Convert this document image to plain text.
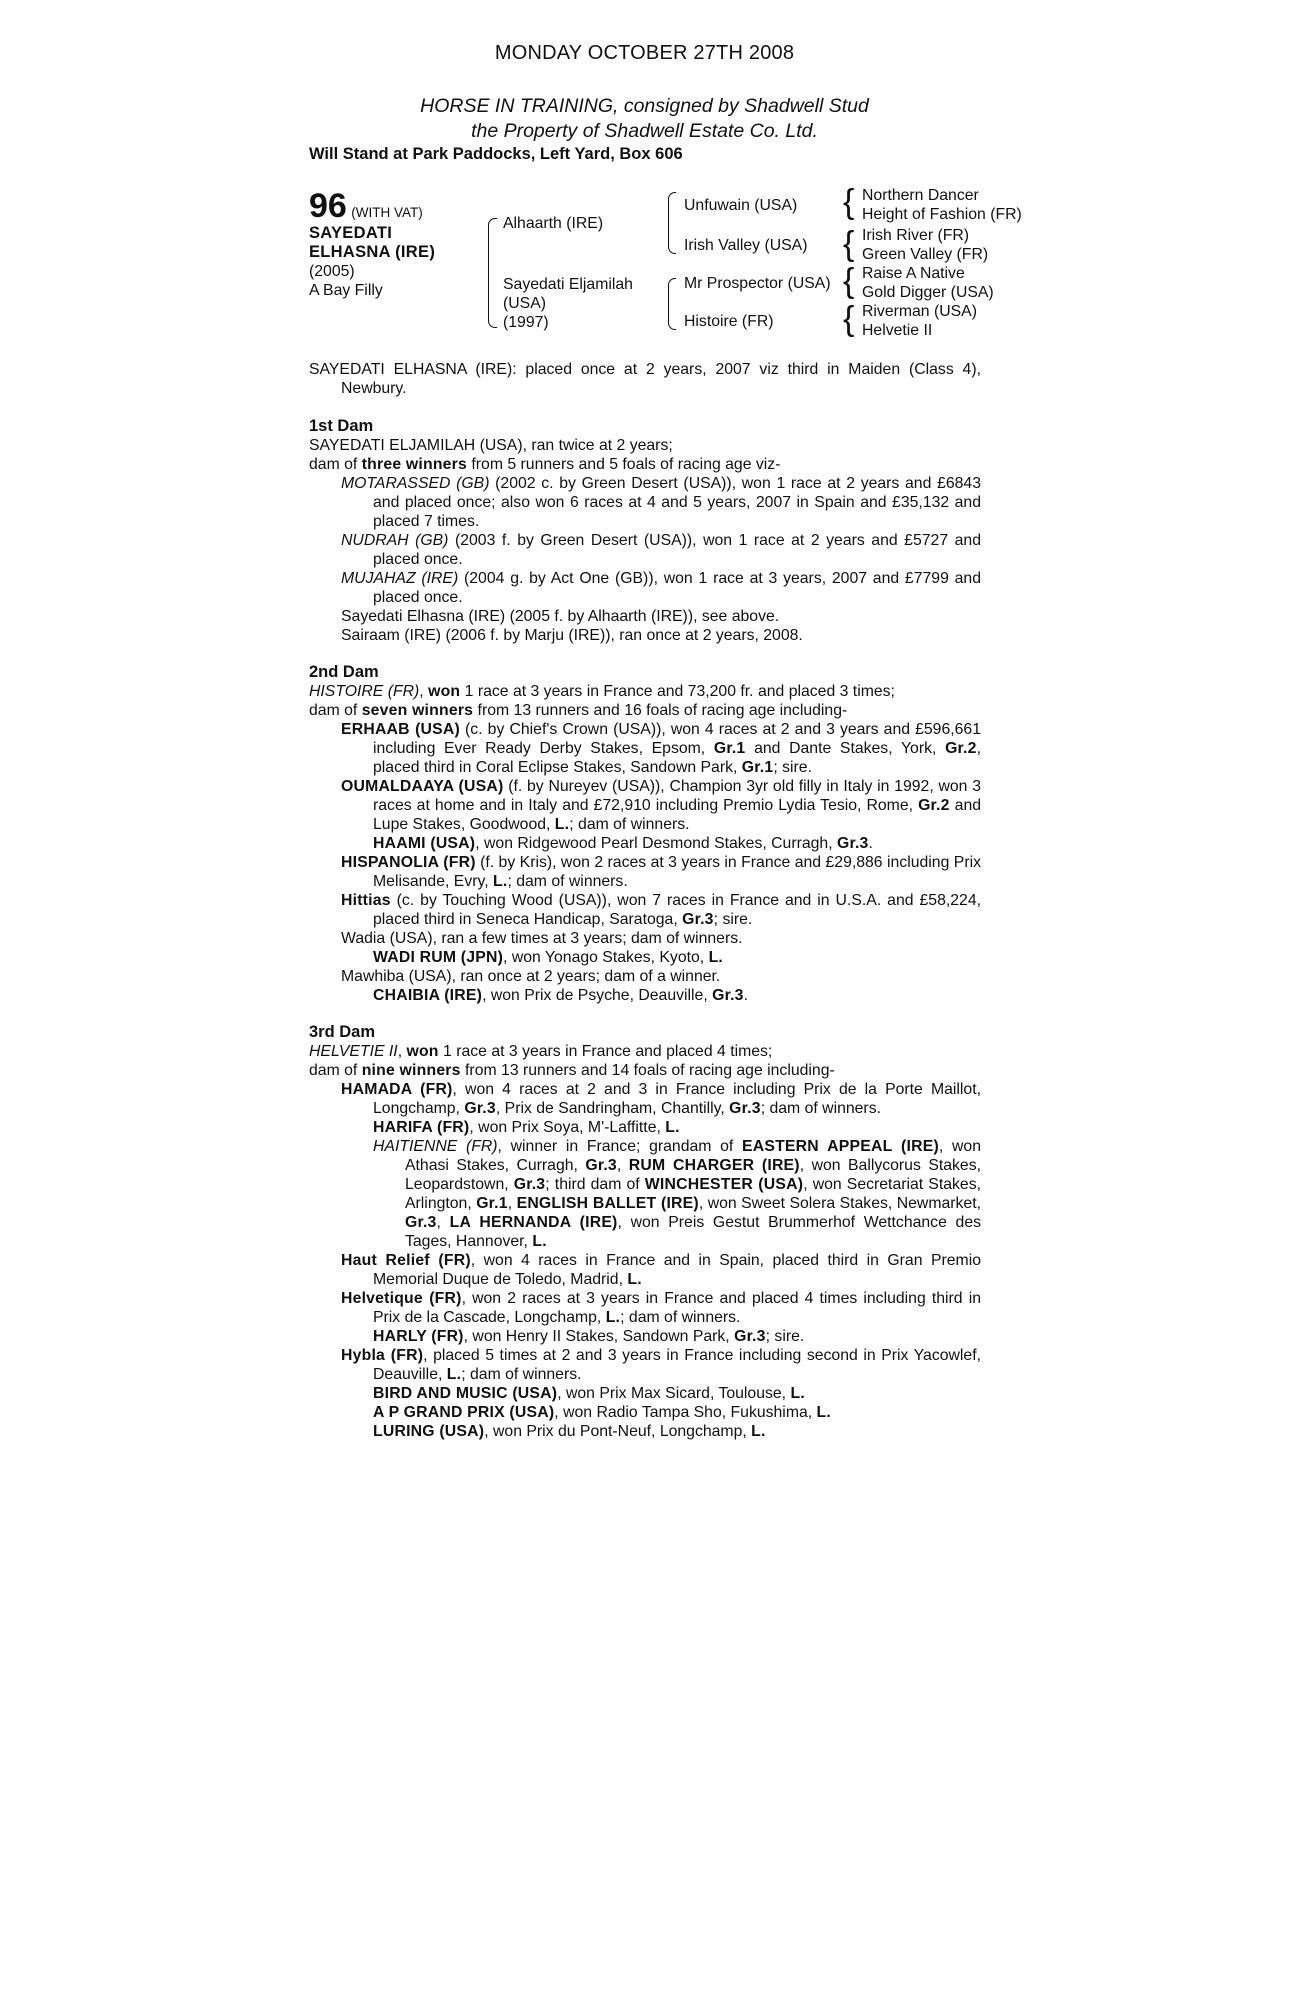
MONDAY OCTOBER 27TH 2008
HORSE IN TRAINING, consigned by Shadwell Stud
the Property of Shadwell Estate Co. Ltd.
Will Stand at Park Paddocks, Left Yard, Box 606
96 (WITH VAT)
SAYEDATI
ELHASNA (IRE)
(2005)
A Bay Filly
Alhaarth (IRE)
Sayedati Eljamilah
(USA)
(1997)
Unfuwain (USA)
Irish Valley (USA)
Mr Prospector (USA)
Histoire (FR)
{
{
{
{
Northern Dancer
Height of Fashion (FR)
Irish River (FR)
Green Valley (FR)
Raise A Native
Gold Digger (USA)
Riverman (USA)
Helvetie II

SAYEDATI ELHASNA (IRE): placed once at 2 years, 2007 viz third in Maiden (Class 4), Newbury.

1st Dam

SAYEDATI ELJAMILAH (USA), ran twice at 2 years;

dam of three winners from 5 runners and 5 foals of racing age viz-

MOTARASSED (GB) (2002 c. by Green Desert (USA)), won 1 race at 2 years and £6843 and placed once; also won 6 races at 4 and 5 years, 2007 in Spain and £35,132 and placed 7 times.

NUDRAH (GB) (2003 f. by Green Desert (USA)), won 1 race at 2 years and £5727 and placed once.

MUJAHAZ (IRE) (2004 g. by Act One (GB)), won 1 race at 3 years, 2007 and £7799 and placed once.

Sayedati Elhasna (IRE) (2005 f. by Alhaarth (IRE)), see above.

Sairaam (IRE) (2006 f. by Marju (IRE)), ran once at 2 years, 2008.

2nd Dam

HISTOIRE (FR), won 1 race at 3 years in France and 73,200 fr. and placed 3 times;

dam of seven winners from 13 runners and 16 foals of racing age including-

ERHAAB (USA) (c. by Chief's Crown (USA)), won 4 races at 2 and 3 years and £596,661 including Ever Ready Derby Stakes, Epsom, Gr.1 and Dante Stakes, York, Gr.2, placed third in Coral Eclipse Stakes, Sandown Park, Gr.1; sire.

OUMALDAAYA (USA) (f. by Nureyev (USA)), Champion 3yr old filly in Italy in 1992, won 3 races at home and in Italy and £72,910 including Premio Lydia Tesio, Rome, Gr.2 and Lupe Stakes, Goodwood, L.; dam of winners.

HAAMI (USA), won Ridgewood Pearl Desmond Stakes, Curragh, Gr.3.

HISPANOLIA (FR) (f. by Kris), won 2 races at 3 years in France and £29,886 including Prix Melisande, Evry, L.; dam of winners.

Hittias (c. by Touching Wood (USA)), won 7 races in France and in U.S.A. and £58,224, placed third in Seneca Handicap, Saratoga, Gr.3; sire.

Wadia (USA), ran a few times at 3 years; dam of winners.

WADI RUM (JPN), won Yonago Stakes, Kyoto, L.

Mawhiba (USA), ran once at 2 years; dam of a winner.

CHAIBIA (IRE), won Prix de Psyche, Deauville, Gr.3.

3rd Dam

HELVETIE II, won 1 race at 3 years in France and placed 4 times;

dam of nine winners from 13 runners and 14 foals of racing age including-

HAMADA (FR), won 4 races at 2 and 3 in France including Prix de la Porte Maillot, Longchamp, Gr.3, Prix de Sandringham, Chantilly, Gr.3; dam of winners.

HARIFA (FR), won Prix Soya, M'-Laffitte, L.

HAITIENNE (FR), winner in France; grandam of EASTERN APPEAL (IRE), won Athasi Stakes, Curragh, Gr.3, RUM CHARGER (IRE), won Ballycorus Stakes, Leopardstown, Gr.3; third dam of WINCHESTER (USA), won Secretariat Stakes, Arlington, Gr.1, ENGLISH BALLET (IRE), won Sweet Solera Stakes, Newmarket, Gr.3, LA HERNANDA (IRE), won Preis Gestut Brummerhof Wettchance des Tages, Hannover, L.

Haut Relief (FR), won 4 races in France and in Spain, placed third in Gran Premio Memorial Duque de Toledo, Madrid, L.

Helvetique (FR), won 2 races at 3 years in France and placed 4 times including third in Prix de la Cascade, Longchamp, L.; dam of winners.

HARLY (FR), won Henry II Stakes, Sandown Park, Gr.3; sire.

Hybla (FR), placed 5 times at 2 and 3 years in France including second in Prix Yacowlef, Deauville, L.; dam of winners.

BIRD AND MUSIC (USA), won Prix Max Sicard, Toulouse, L.

A P GRAND PRIX (USA), won Radio Tampa Sho, Fukushima, L.

LURING (USA), won Prix du Pont-Neuf, Longchamp, L.
